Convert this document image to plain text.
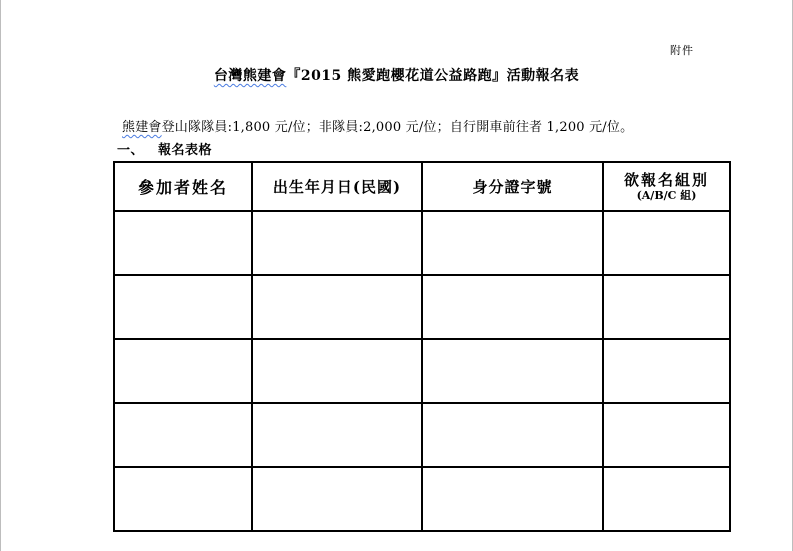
附件
台灣熊建會『2015 熊愛跑櫻花道公益路跑』活動報名表
熊建會登山隊隊員:1,800 元/位；非隊員:2,000 元/位；自行開車前往者 1,200 元/位。
一、 報名表格
參加者姓名	出生年月日(民國)	身分證字號	欲報名組別
(A/B/C 組)
